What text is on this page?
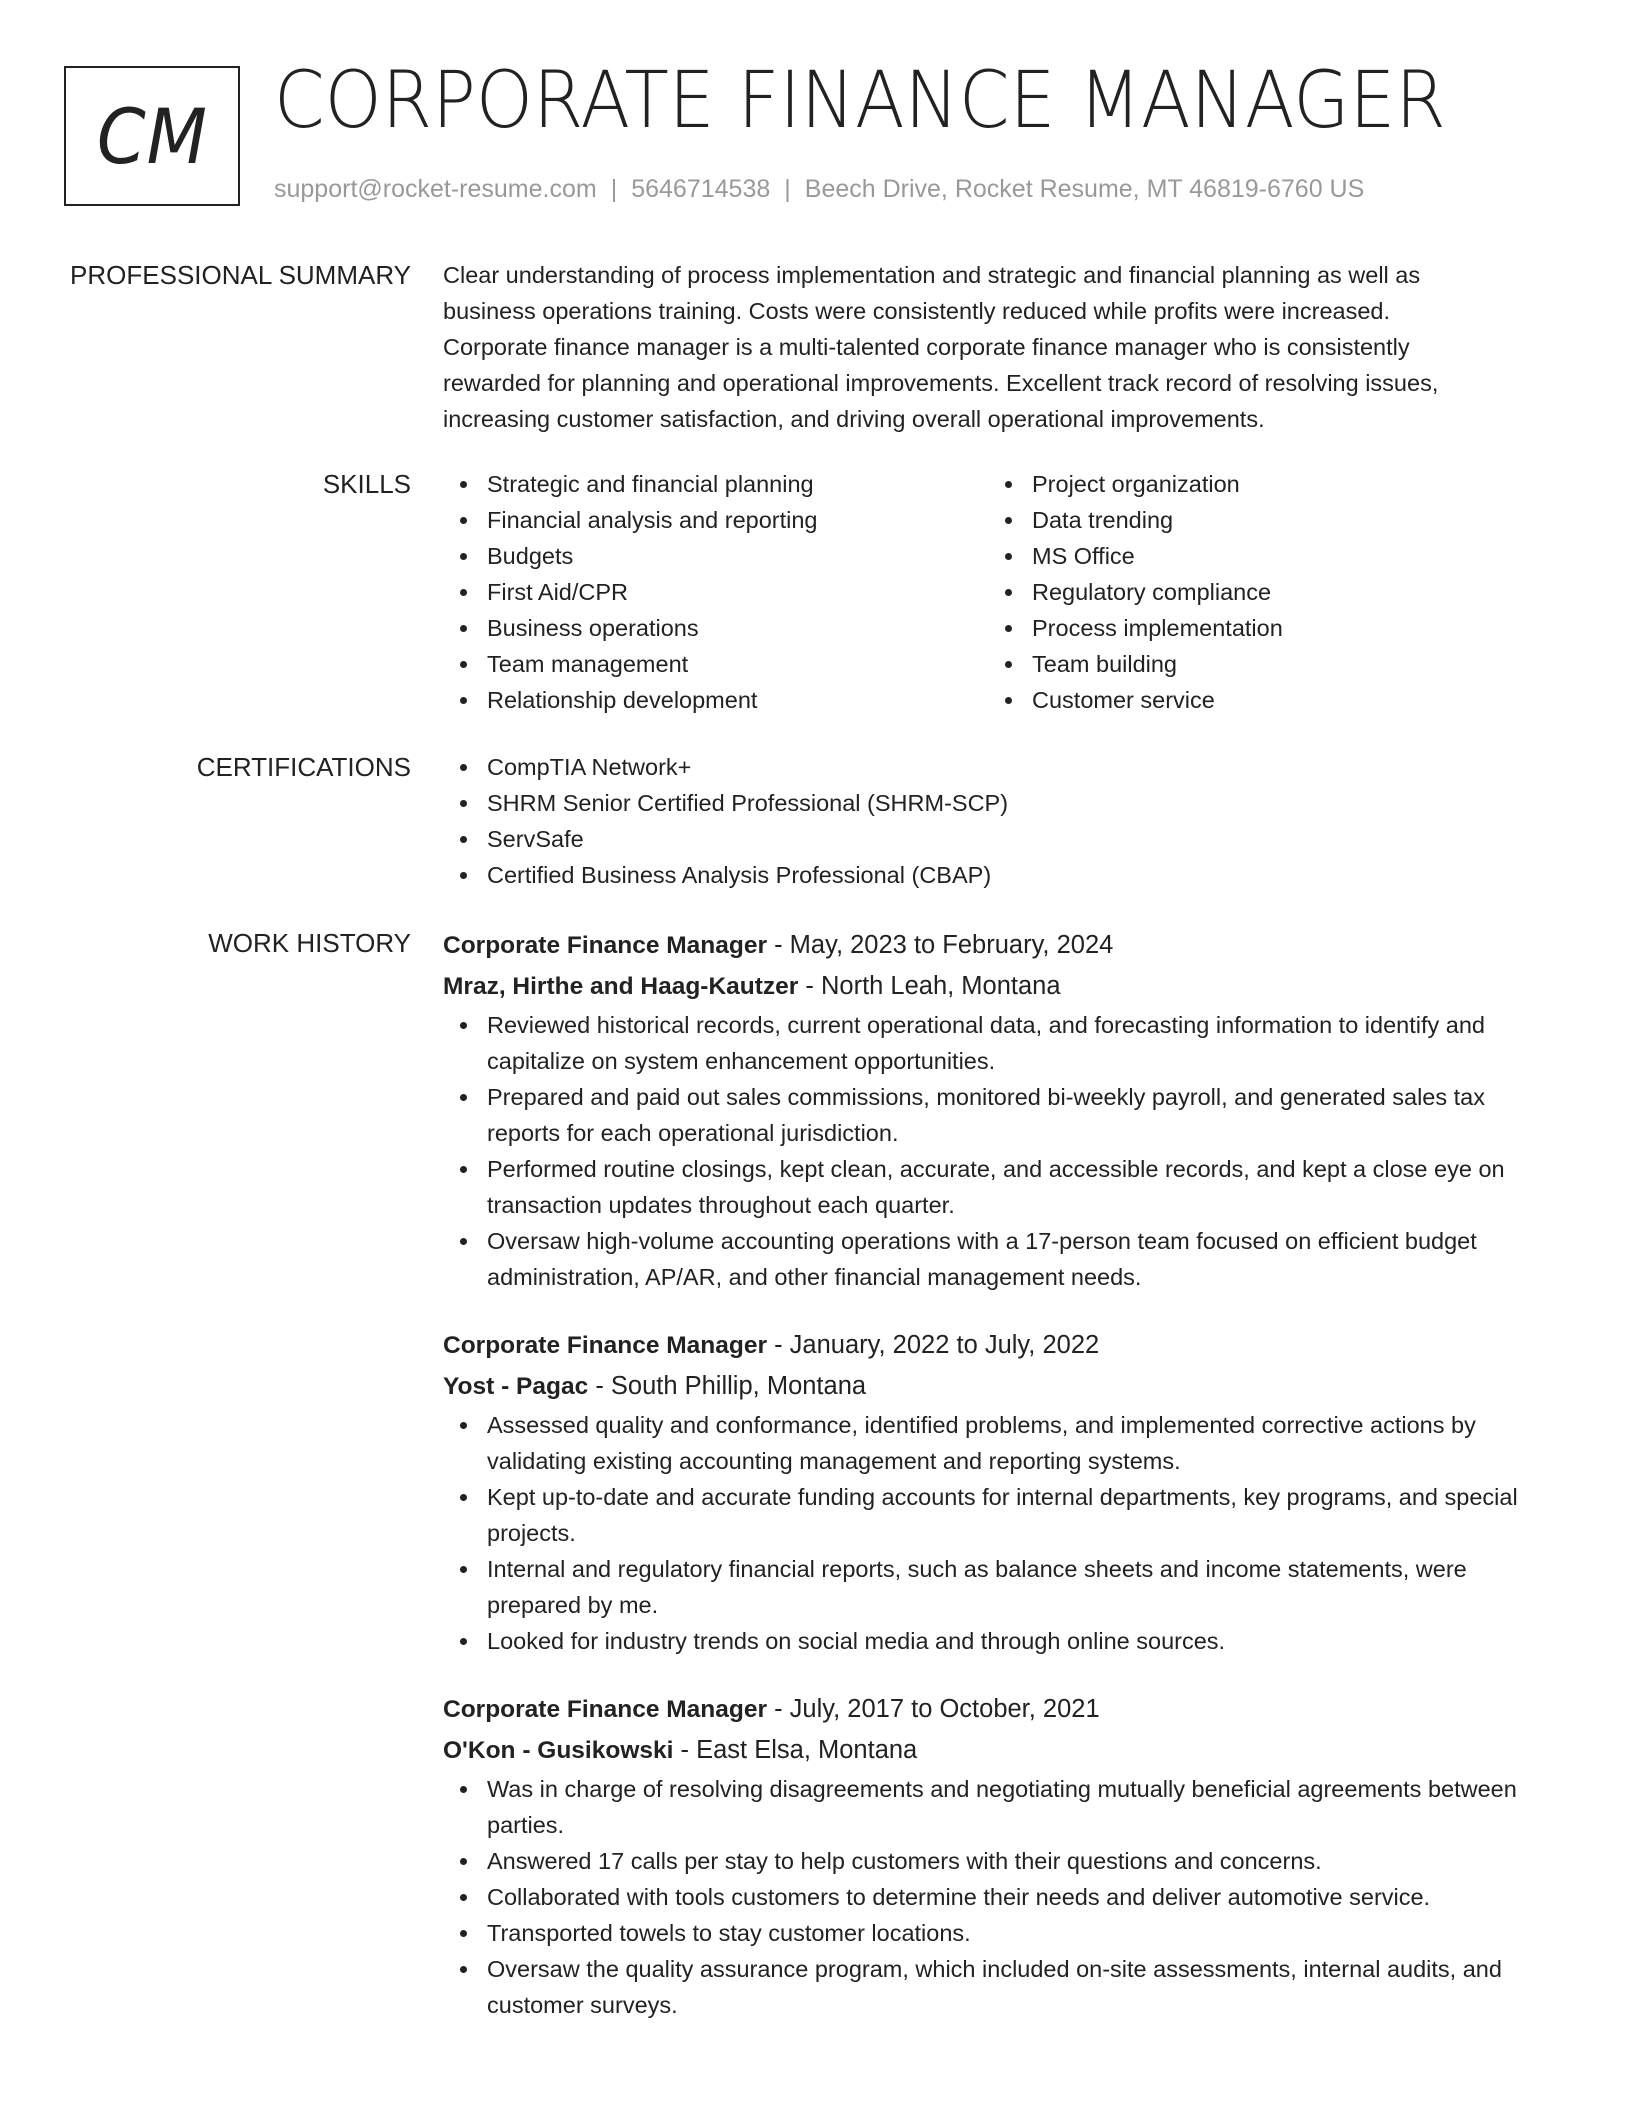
CM CORPORATE FINANCE MANAGER
support@rocket-resume.com | 5646714538 | Beech Drive, Rocket Resume, MT 46819-6760 US
PROFESSIONAL SUMMARY Clear understanding of process implementation and strategic and financial planning as well as
business operations training. Costs were consistently reduced while profits were increased.
Corporate finance manager is a multi-talented corporate finance manager who is consistently
rewarded for planning and operational improvements. Excellent track record of resolving issues,
increasing customer satisfaction, and driving overall operational improvements.
SKILLS	Strategic and financial planning
Financial analysis and reporting
Budgets
First Aid/CPR
Business operations
Team management
Relationship development
Project organization
Data trending
MS Office
Regulatory compliance
Process implementation
Team building
Customer service
CERTIFICATIONS	CompTIA Network+
SHRM Senior Certified Professional (SHRM-SCP)
ServSafe
Certified Business Analysis Professional (CBAP)
WORK HISTORY Corporate Finance Manager - May, 2023 to February, 2024
Mraz, Hirthe and Haag-Kautzer - North Leah, Montana
Reviewed historical records, current operational data, and forecasting information to identify and capitalize on system enhancement opportunities.
Prepared and paid out sales commissions, monitored bi-weekly payroll, and generated sales tax reports for each operational jurisdiction.
Performed routine closings, kept clean, accurate, and accessible records, and kept a close eye on transaction updates throughout each quarter.
Oversaw high-volume accounting operations with a 17-person team focused on efficient budget administration, AP/AR, and other financial management needs.
Corporate Finance Manager - January, 2022 to July, 2022
Yost - Pagac - South Phillip, Montana
Assessed quality and conformance, identified problems, and implemented corrective actions by validating existing accounting management and reporting systems.
Kept up-to-date and accurate funding accounts for internal departments, key programs, and special projects.
Internal and regulatory financial reports, such as balance sheets and income statements, were prepared by me.
Looked for industry trends on social media and through online sources.
Corporate Finance Manager - July, 2017 to October, 2021
O'Kon - Gusikowski - East Elsa, Montana
Was in charge of resolving disagreements and negotiating mutually beneficial agreements between parties.
Answered 17 calls per stay to help customers with their questions and concerns.
Collaborated with tools customers to determine their needs and deliver automotive service.
Transported towels to stay customer locations.
Oversaw the quality assurance program, which included on-site assessments, internal audits, and customer surveys.
